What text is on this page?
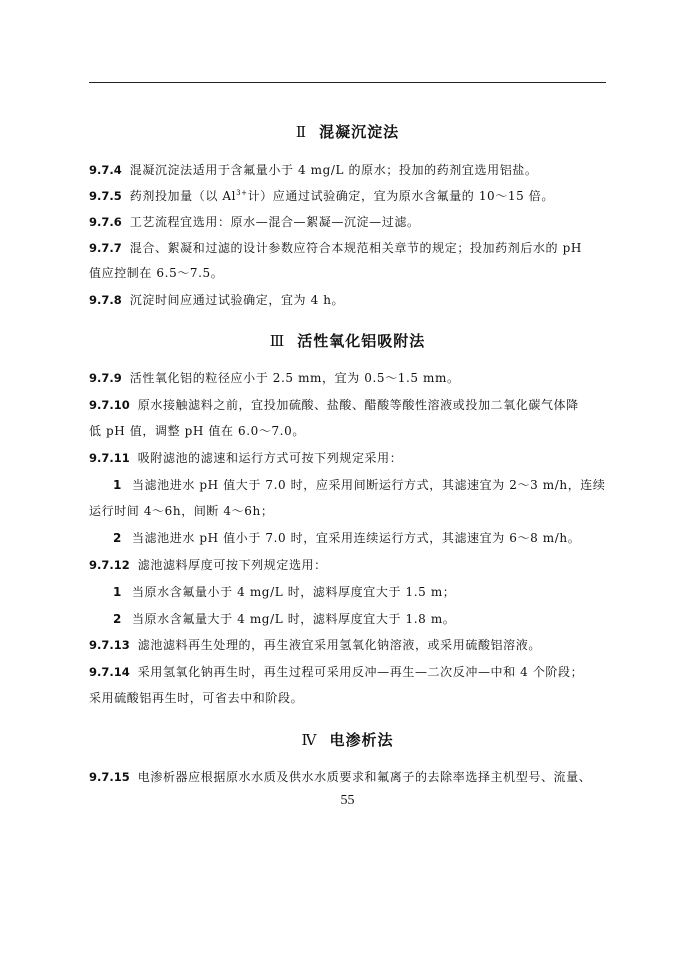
Ⅱ 混凝沉淀法
9.7.4 混凝沉淀法适用于含氟量小于 4 mg/L 的原水；投加的药剂宜选用铝盐。
9.7.5 药剂投加量（以 $Al^{3+}$计）应通过试验确定，宜为原水含氟量的 10～15 倍。
9.7.6 工艺流程宜选用：原水—混合—絮凝—沉淀—过滤。
9.7.7 混合、絮凝和过滤的设计参数应符合本规范相关章节的规定；投加药剂后水的 pH
值应控制在 6.5～7.5。
9.7.8 沉淀时间应通过试验确定，宜为 4 h。
Ⅲ 活性氧化铝吸附法
9.7.9 活性氧化铝的粒径应小于 2.5 mm，宜为 0.5～1.5 mm。
9.7.10 原水接触滤料之前，宜投加硫酸、盐酸、醋酸等酸性溶液或投加二氧化碳气体降
低 pH 值，调整 pH 值在 6.0～7.0。
9.7.11 吸附滤池的滤速和运行方式可按下列规定采用：
1 当滤池进水 pH 值大于 7.0 时，应采用间断运行方式，其滤速宜为 2～3 m/h，连续
运行时间 4～6h，间断 4～6h；
2 当滤池进水 pH 值小于 7.0 时，宜采用连续运行方式，其滤速宜为 6～8 m/h。
9.7.12 滤池滤料厚度可按下列规定选用：
1 当原水含氟量小于 4 mg/L 时，滤料厚度宜大于 1.5 m；
2 当原水含氟量大于 4 mg/L 时，滤料厚度宜大于 1.8 m。
9.7.13 滤池滤料再生处理的，再生液宜采用氢氧化钠溶液，或采用硫酸铝溶液。
9.7.14 采用氢氧化钠再生时，再生过程可采用反冲—再生—二次反冲—中和 4 个阶段；
采用硫酸铝再生时，可省去中和阶段。
Ⅳ 电渗析法
9.7.15 电渗析器应根据原水水质及供水水质要求和氟离子的去除率选择主机型号、流量、
55
